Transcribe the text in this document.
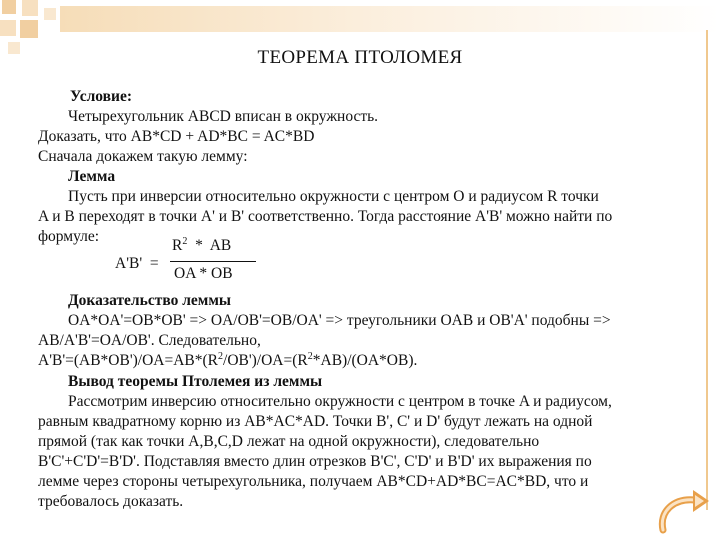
ТЕОРЕМА ПТОЛОМЕЯ
Условие:
Четырехугольник ABCD вписан в окружность.
Доказать, что AB*CD + AD*BC = AC*BD
Сначала докажем такую лемму:
Лемма
Пусть при инверсии относительно окружности с центром O и радиусом R точки
A и B переходят в точки A' и B' соответственно. Тогда расстояние A'B' можно найти по
формуле:
$R^2$  *  AB
A'B'  =
OA * OB
Доказательство леммы
OA*OA'=OB*OB' => OA/OB'=OB/OA' => треугольники OAB и OB'A' подобны =>
AB/A'B'=OA/OB'. Следовательно,
$A'B'=(AB*OB')/OA=AB*(R^2/OB')/OA=(R^2*AB)/(OA*OB)$.
Вывод теоремы Птолемея из леммы
Рассмотрим инверсию относительно окружности с центром в точке A и радиусом,
равным квадратному корню из AB*AC*AD. Точки B', C' и D' будут лежать на одной
прямой (так как точки A,B,C,D лежат на одной окружности), следовательно
B'C'+C'D'=B'D'. Подставляя вместо длин отрезков B'C', C'D' и B'D' их выражения по
лемме через стороны четырехугольника, получаем AB*CD+AD*BC=AC*BD, что и
требовалось доказать.
